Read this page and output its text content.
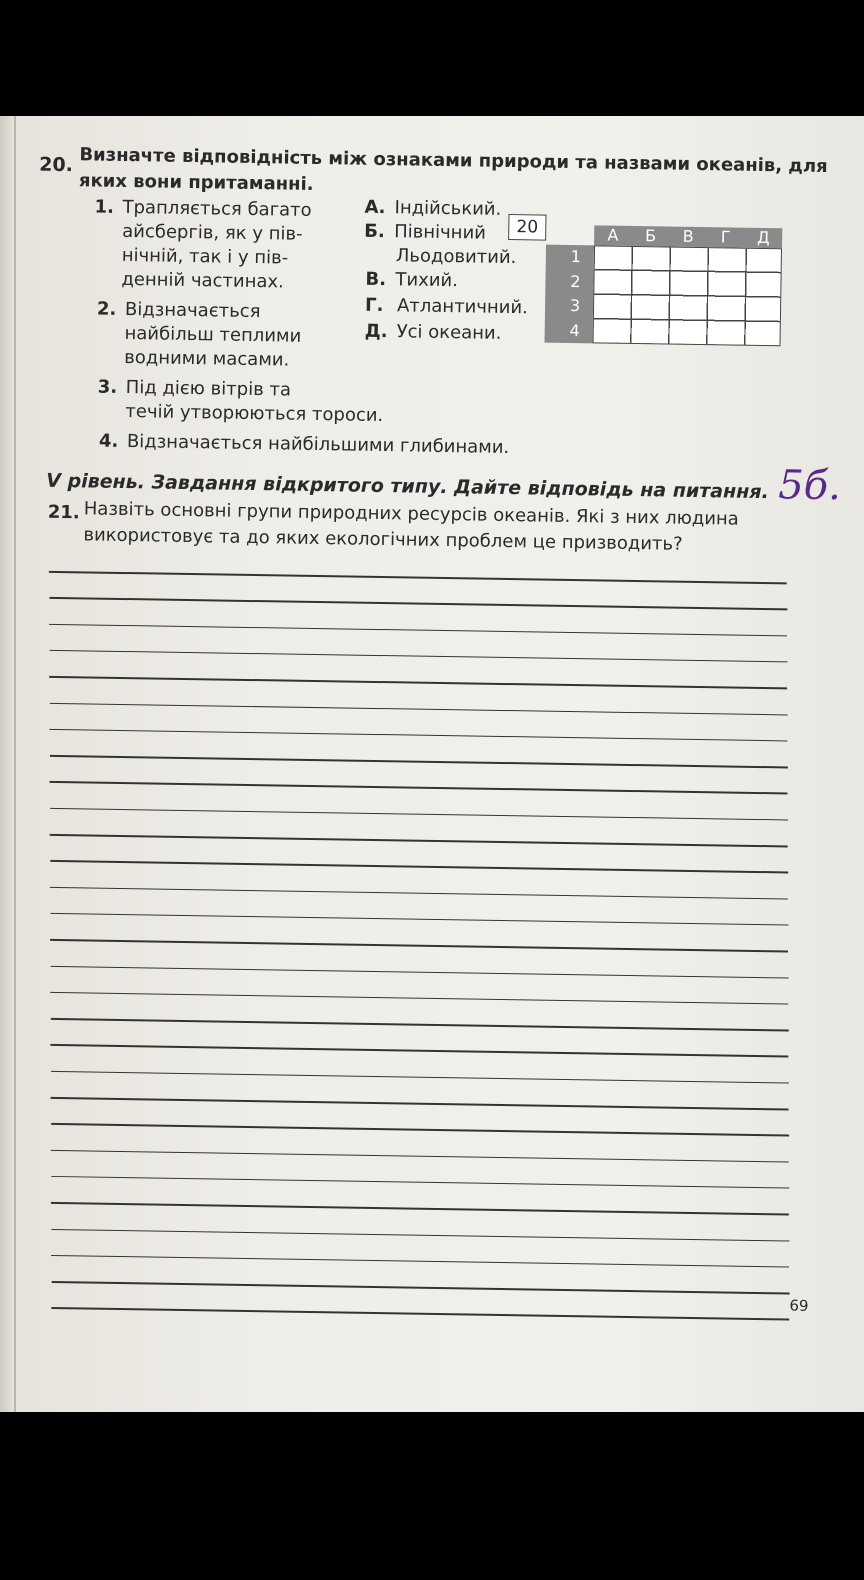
20. Визначте відповідність між ознаками природи та назвами океанів, для
яких вони притаманні.
1. Трапляється багато
айсбергів, як у пів-
нічній, так і у пів-
денній частинах.
2. Відзначається
найбільш теплими
водними масами.
3. Під дією вітрів та
течій утворюються тороси.
4. Відзначається найбільшими глибинами.
А. Індійський.
Б. Північний
Льодовитий.
В. Тихий.
Г. Атлантичний.
Д. Усі океани.
20	А	Б	В	Г	Д
1
2
3
4
V рівень. Завдання відкритого типу. Дайте відповідь на питання. 5б.
21. Назвіть основні групи природних ресурсів океанів. Які з них людина
використовує та до яких екологічних проблем це призводить?
69
